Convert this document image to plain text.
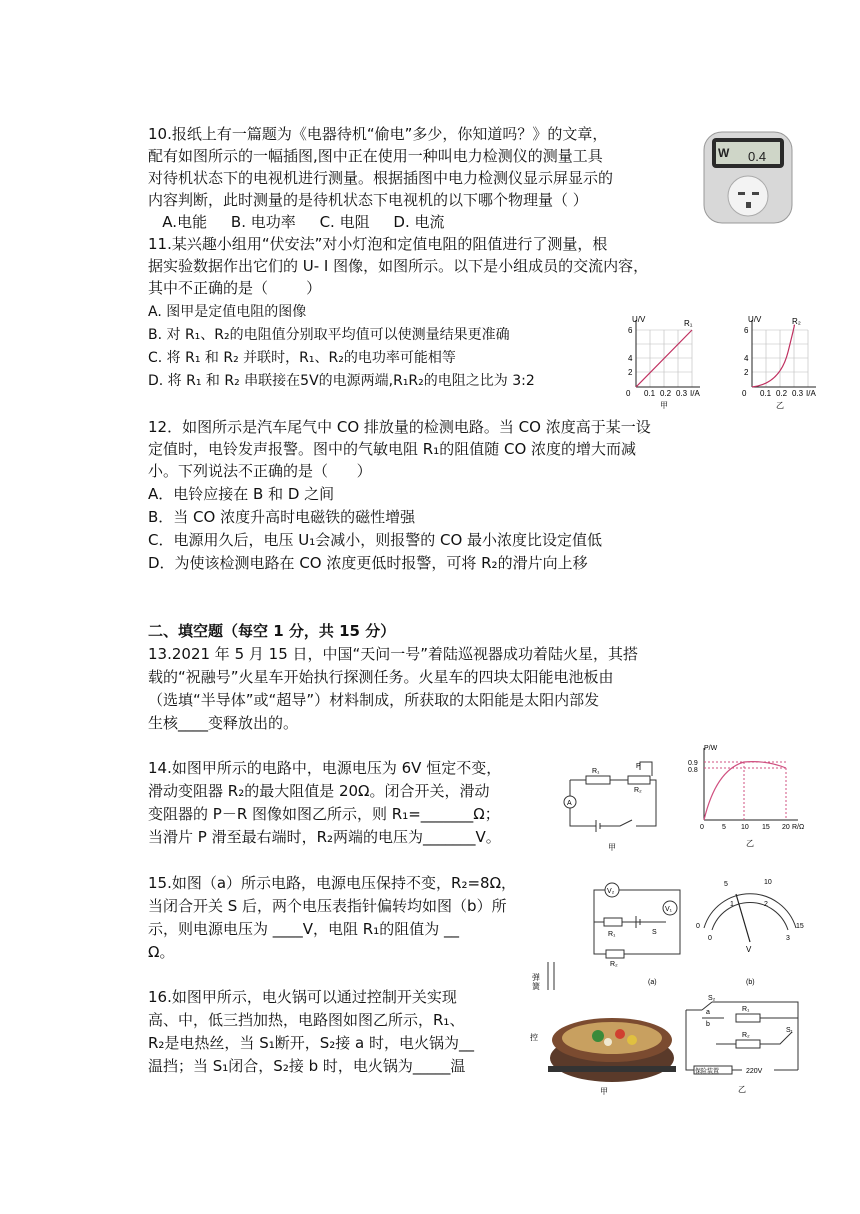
10.报纸上有一篇题为《电器待机“偷电”多少，你知道吗？》的文章，
配有如图所示的一幅插图,图中正在使用一种叫电力检测仪的测量工具
对待机状态下的电视机进行测量。根据插图中电力检测仪显示屏显示的
内容判断，此时测量的是待机状态下电视机的以下哪个物理量（ ）
A.电能     B. 电功率     C. 电阻     D. 电流
W 0.4
11.某兴趣小组用“伏安法”对小灯泡和定值电阻的阻值进行了测量，根
据实验数据作出它们的 U- I 图像，如图所示。以下是小组成员的交流内容，
其中不正确的是（        ）
A. 图甲是定值电阻的图像
B. 对 R₁、R₂的电阻值分别取平均值可以使测量结果更准确
C. 将 R₁ 和 R₂ 并联时，R₁、R₂的电功率可能相等
D. 将 R₁ 和 R₂ 串联接在5V的电源两端,R₁R₂的电阻之比为 3:2
U/V	R₁
2
4
6
0 0.1 0.2 0.3 I/A
甲
U/V	R₂
2
4
6
0 0.1 0.2 0.3 I/A
乙
12．如图所示是汽车尾气中 CO 排放量的检测电路。当 CO 浓度高于某一设
定值时，电铃发声报警。图中的气敏电阻 R₁的阻值随 CO 浓度的增大而减
小。下列说法不正确的是（      ）
A．电铃应接在 B 和 D 之间
B．当 CO 浓度升高时电磁铁的磁性增强
C．电源用久后，电压 U₁会减小，则报警的 CO 最小浓度比设定值低
D．为使该检测电路在 CO 浓度更低时报警，可将 R₂的滑片向上移
二、填空题（每空 1 分，共 15 分）
13.2021 年 5 月 15 日，中国“天问一号”着陆巡视器成功着陆火星，其搭
载的“祝融号”火星车开始执行探测任务。火星车的四块太阳能电池板由
（选填“半导体”或“超导”）材料制成，所获取的太阳能是太阳内部发
生核____变释放出的。
14.如图甲所示的电路中，电源电压为 6V 恒定不变，
滑动变阻器 R₂的最大阻值是 20Ω。闭合开关，滑动
变阻器的 P－R 图像如图乙所示，则 R₁=_______Ω；
当滑片 P 滑至最右端时，R₂两端的电压为_______V。
A
R₁
P
R₂
甲
P/W
0.9
0.8
0	5 10 15 20 R/Ω
乙
15.如图（a）所示电路，电源电压保持不变，R₂=8Ω，
当闭合开关 S 后，两个电压表指针偏转均如图（b）所
示，则电源电压为 ____V，电阻 R₁的阻值为 __
Ω。
V₂
V₁
R₁
R₂
S
0
5	10
15
0
1	2
3
V
16.如图甲所示，电火锅可以通过控制开关实现
高、中，低三挡加热，电路图如图乙所示，R₁、
R₂是电热丝，当 S₁断开，S₂接 a 时，电火锅为__
温挡；当 S₁闭合，S₂接 b 时，电火锅为_____温
弹
簧	(a)	(b)
控
甲
S₂
a
b
R₁
R₂
S₁
保险装置	220V
乙
